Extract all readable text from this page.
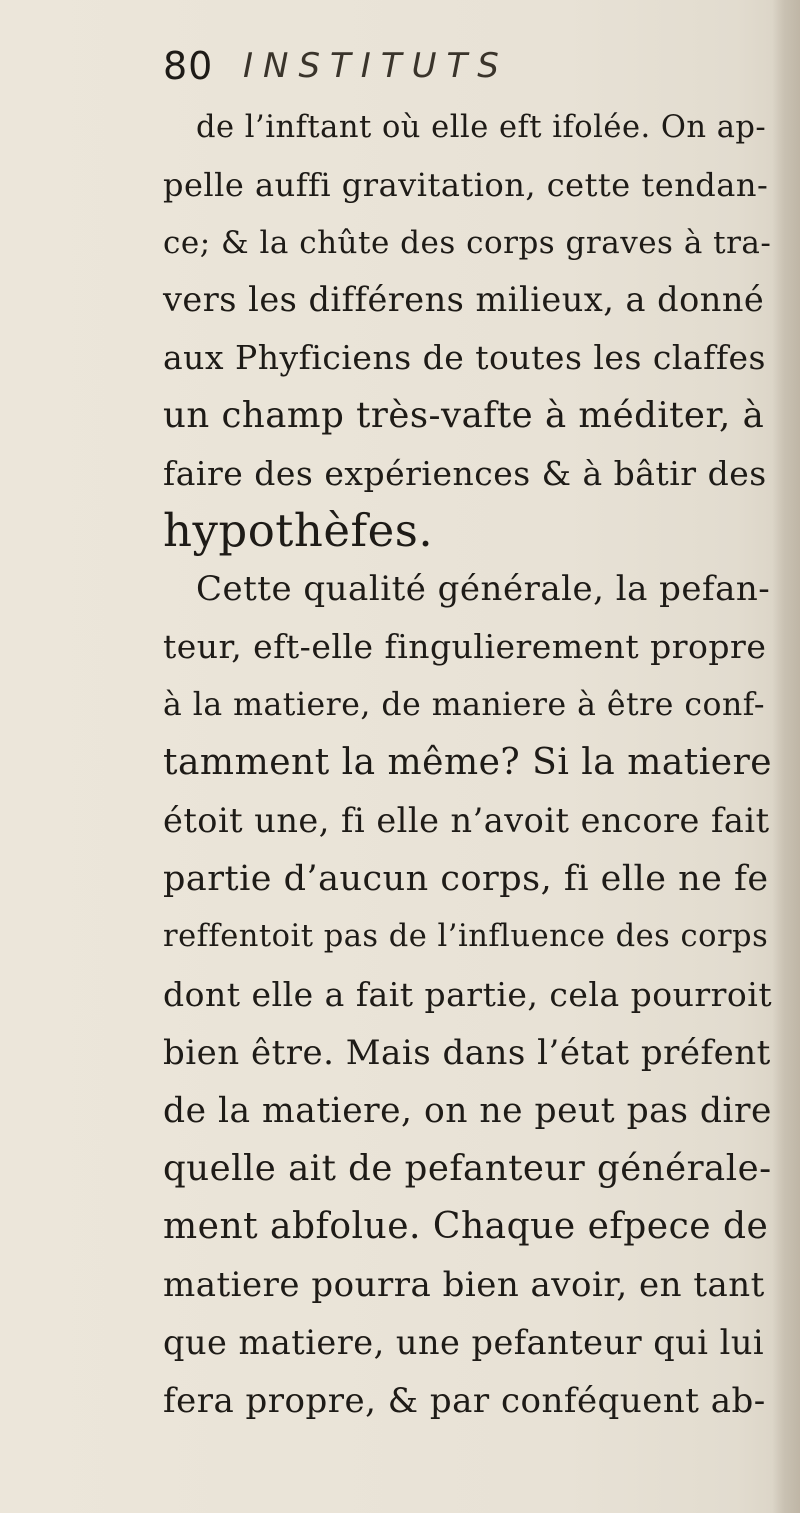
80 INSTITUTS
de l’inftant où elle eft ifolée. On ap-
pelle auffi gravitation, cette tendan-
ce; & la chûte des corps graves à tra-
vers les différens milieux, a donné
aux Phyficiens de toutes les claffes
un champ très-vafte à méditer, à
faire des expériences & à bâtir des
hypothèfes.
Cette qualité générale, la pefan-
teur, eft-elle fingulierement propre
à la matiere, de maniere à être conf-
tamment la même? Si la matiere
étoit une, fi elle n’avoit encore fait
partie d’aucun corps, fi elle ne fe
reffentoit pas de l’influence des corps
dont elle a fait partie, cela pourroit
bien être. Mais dans l’état préfent
de la matiere, on ne peut pas dire
quelle ait de pefanteur générale-
ment abfolue. Chaque efpece de
matiere pourra bien avoir, en tant
que matiere, une pefanteur qui lui
fera propre, & par conféquent ab-
